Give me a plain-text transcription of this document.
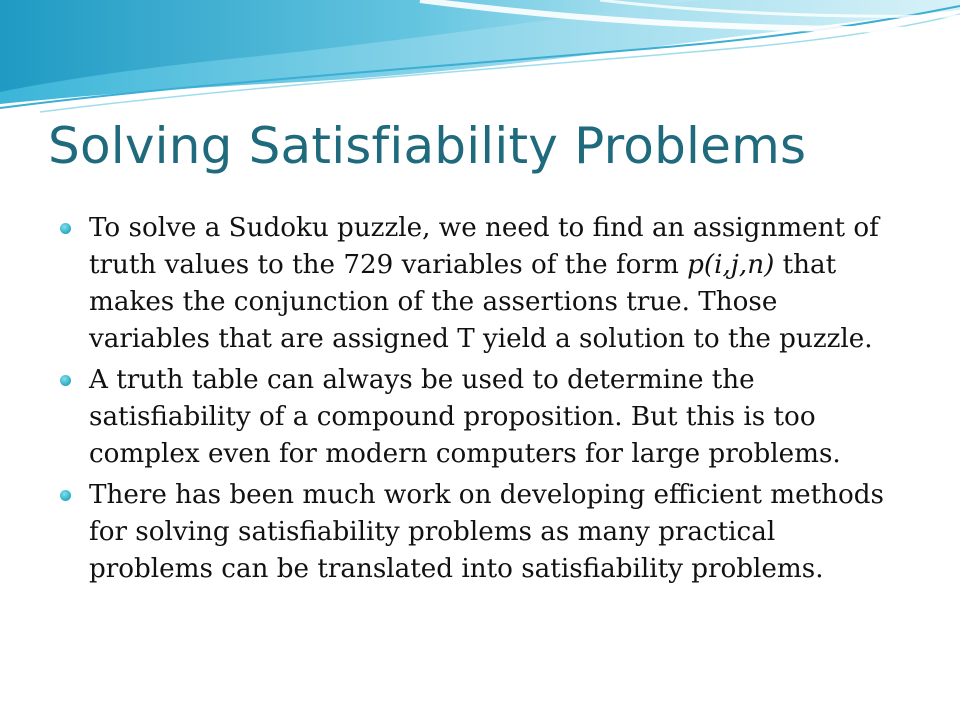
Solving Satisfiability Problems
To solve a Sudoku puzzle, we need to find an assignment of truth values to the 729 variables of the form p(i,j,n) that makes the conjunction of the assertions true. Those variables that are assigned T yield a solution to the puzzle.
A truth table can always be used to determine the satisfiability of a compound proposition. But this is too complex even for modern computers for large problems.
There has been much work on developing efficient methods for solving satisfiability problems as many practical problems can be translated into satisfiability problems.
